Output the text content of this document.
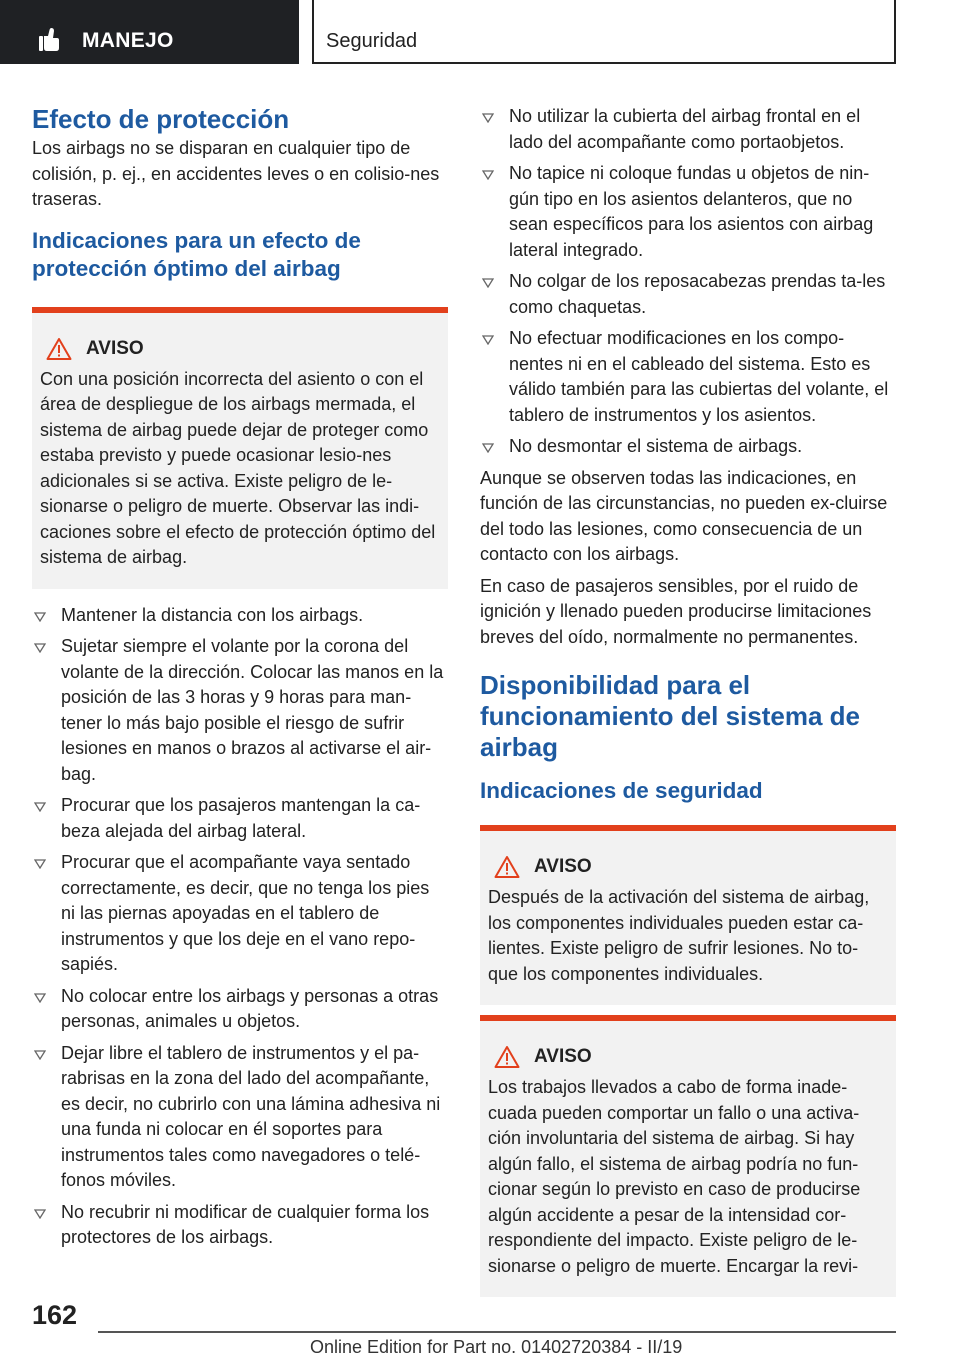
MANEJO	Seguridad
Efecto de protección

Los airbags no se disparan en cualquier tipo de colisión, p. ej., en accidentes leves o en colisio-nes traseras.

Indicaciones para un efecto de protección óptimo del airbag
AVISO

Con una posición incorrecta del asiento o con el área de despliegue de los airbags mermada, el sistema de airbag puede dejar de proteger como estaba previsto y puede ocasionar lesio-nes adicionales si se activa. Existe peligro de le-sionarse o peligro de muerte. Observar las indi-caciones sobre el efecto de protección óptimo del sistema de airbag.

Mantener la distancia con los airbags.
Sujetar siempre el volante por la corona del volante de la dirección. Colocar las manos en la posición de las 3 horas y 9 horas para man-tener lo más bajo posible el riesgo de sufrir lesiones en manos o brazos al activarse el air-bag.
Procurar que los pasajeros mantengan la ca-beza alejada del airbag lateral.
Procurar que el acompañante vaya sentado correctamente, es decir, que no tenga los pies ni las piernas apoyadas en el tablero de instrumentos y que los deje en el vano repo-sapiés.
No colocar entre los airbags y personas a otras personas, animales u objetos.
Dejar libre el tablero de instrumentos y el pa-rabrisas en la zona del lado del acompañante, es decir, no cubrirlo con una lámina adhesiva ni una funda ni colocar en él soportes para instrumentos tales como navegadores o telé-fonos móviles.
No recubrir ni modificar de cualquier forma los protectores de los airbags.
No utilizar la cubierta del airbag frontal en el lado del acompañante como portaobjetos.
No tapice ni coloque fundas u objetos de nin-gún tipo en los asientos delanteros, que no sean específicos para los asientos con airbag lateral integrado.
No colgar de los reposacabezas prendas ta-les como chaquetas.
No efectuar modificaciones en los compo-nentes ni en el cableado del sistema. Esto es válido también para las cubiertas del volante, el tablero de instrumentos y los asientos.
No desmontar el sistema de airbags.

Aunque se observen todas las indicaciones, en función de las circunstancias, no pueden ex-cluirse del todo las lesiones, como consecuencia de un contacto con los airbags.

En caso de pasajeros sensibles, por el ruido de ignición y llenado pueden producirse limitaciones breves del oído, normalmente no permanentes.

Disponibilidad para el funcionamiento del sistema de airbag
Indicaciones de seguridad
AVISO

Después de la activación del sistema de airbag, los componentes individuales pueden estar ca-lientes. Existe peligro de sufrir lesiones. No to-que los componentes individuales.

AVISO

Los trabajos llevados a cabo de forma inade-cuada pueden comportar un fallo o una activa-ción involuntaria del sistema de airbag. Si hay algún fallo, el sistema de airbag podría no fun-cionar según lo previsto en caso de producirse algún accidente a pesar de la intensidad cor-respondiente del impacto. Existe peligro de le-sionarse o peligro de muerte. Encargar la revi-

162
Online Edition for Part no. 01402720384 - II/19
